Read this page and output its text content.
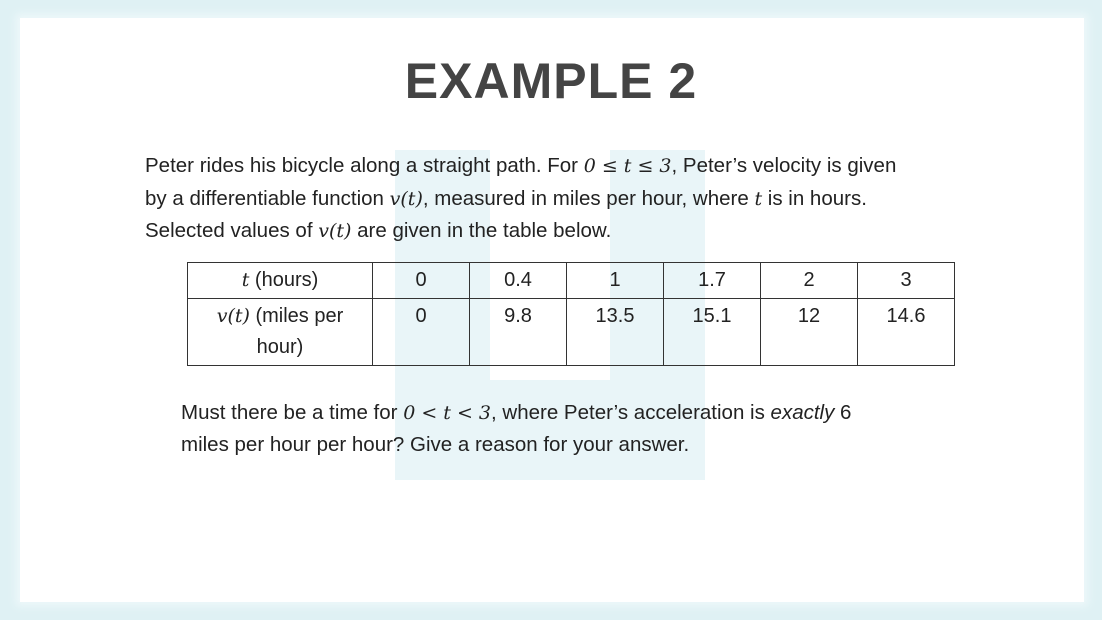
EXAMPLE 2
Peter rides his bicycle along a straight path. For 0 ≤ t ≤ 3, Peter’s velocity is given
by a differentiable function v(t), measured in miles per hour, where t is in hours.
Selected values of v(t) are given in the table below.
t (hours)	0	0.4	1	1.7	2	3
v(t) (miles per hour)	0	9.8	13.5	15.1	12	14.6
Must there be a time for 0 < t < 3, where Peter’s acceleration is exactly 6
miles per hour per hour? Give a reason for your answer.
